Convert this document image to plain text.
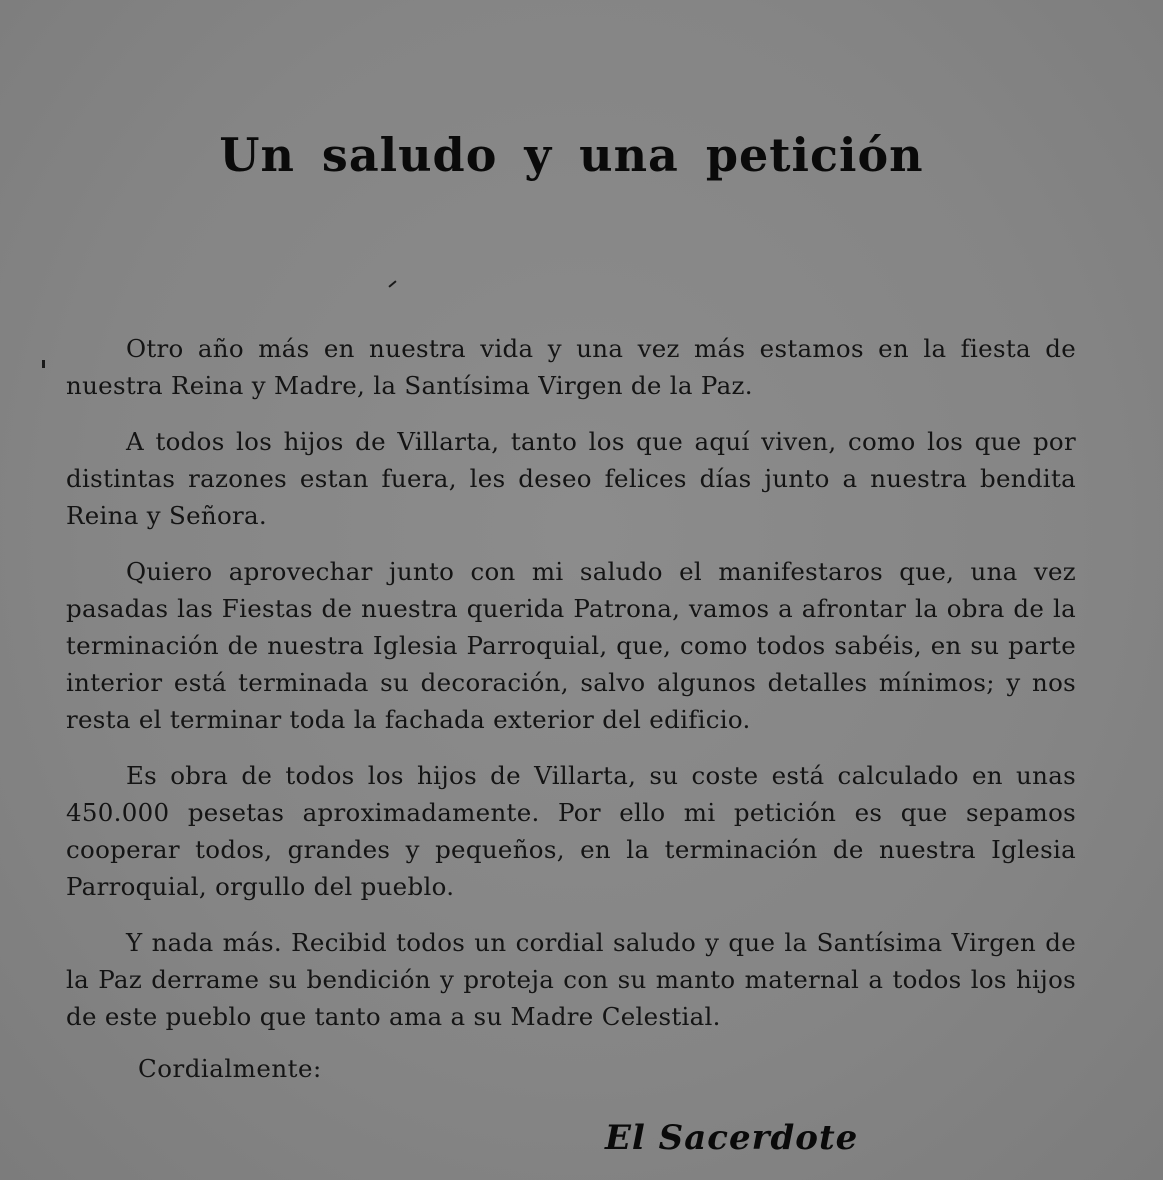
Un saludo y una petición

Otro año más en nuestra vida y una vez más estamos en la fiesta de nuestra Reina y Madre, la Santísima Virgen de la Paz.

A todos los hijos de Villarta, tanto los que aquí viven, como los que por distintas razones estan fuera, les deseo felices días junto a nuestra bendita Reina y Señora.

Quiero aprovechar junto con mi saludo el manifestaros que, una vez pasadas las Fiestas de nuestra querida Patrona, vamos a afrontar la obra de la terminación de nuestra Iglesia Parroquial, que, como todos sabéis, en su parte interior está terminada su decoración, salvo algunos detalles mínimos; y nos resta el terminar toda la fachada exterior del edificio.

Es obra de todos los hijos de Villarta, su coste está calculado en unas 450.000 pesetas aproximadamente. Por ello mi petición es que sepamos cooperar todos, grandes y pequeños, en la terminación de nuestra Iglesia Parroquial, orgullo del pueblo.

Y nada más. Recibid todos un cordial saludo y que la Santísima Virgen de la Paz derrame su bendición y proteja con su manto maternal a todos los hijos de este pueblo que tanto ama a su Madre Celestial.

Cordialmente:
El Sacerdote
